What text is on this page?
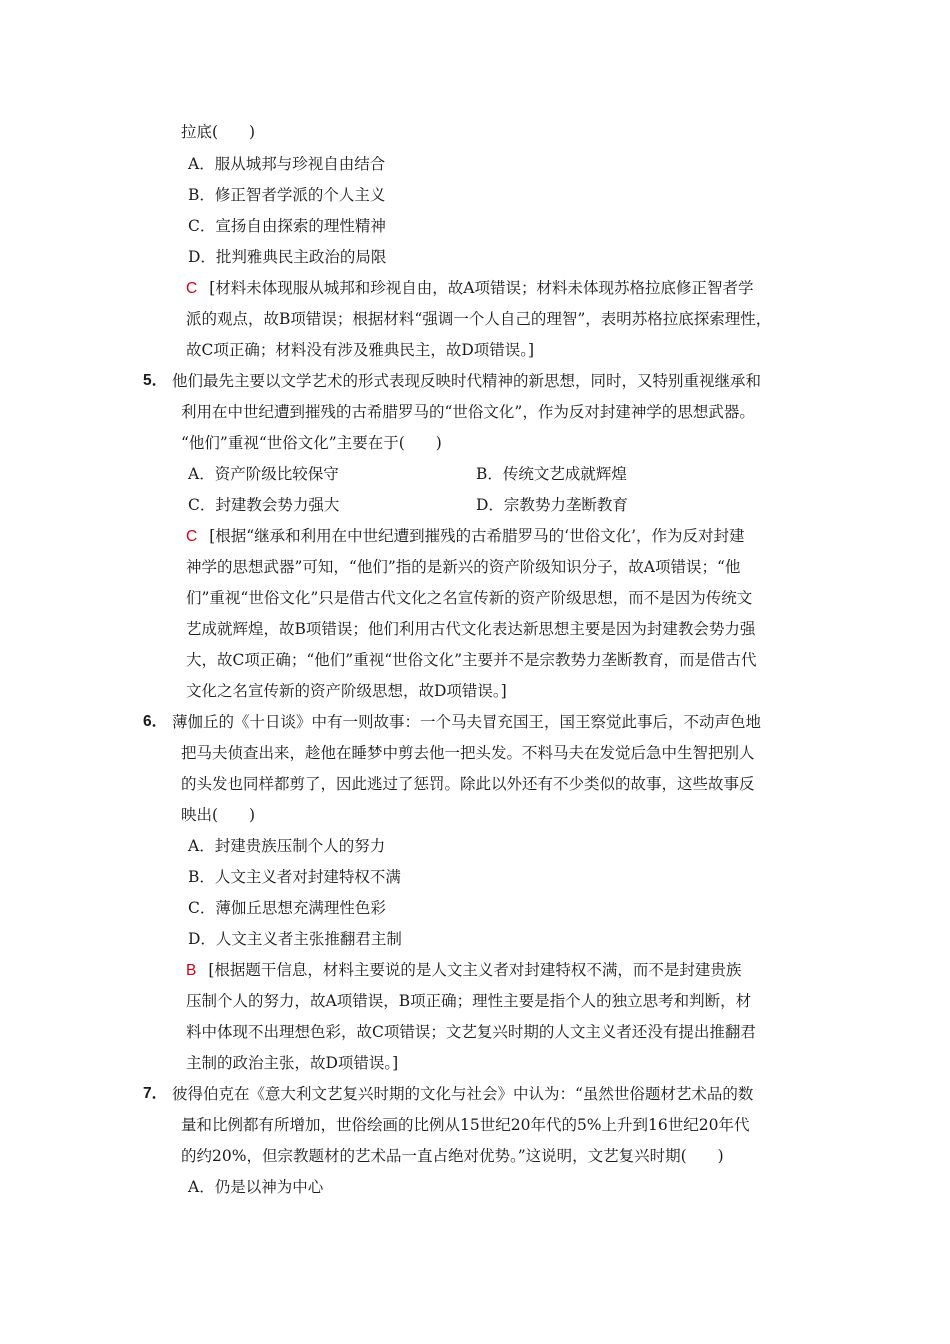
拉底(　　)
A．服从城邦与珍视自由结合
B．修正智者学派的个人主义
C．宣扬自由探索的理性精神
D．批判雅典民主政治的局限
C [材料未体现服从城邦和珍视自由，故A项错误；材料未体现苏格拉底修正智者学
派的观点，故B项错误；根据材料“强调一个人自己的理智”，表明苏格拉底探索理性，
故C项正确；材料没有涉及雅典民主，故D项错误。]
5． 他们最先主要以文学艺术的形式表现反映时代精神的新思想，同时，又特别重视继承和
利用在中世纪遭到摧残的古希腊罗马的“世俗文化”，作为反对封建神学的思想武器。
“他们”重视“世俗文化”主要在于(　　)
A．资产阶级比较保守	B．传统文艺成就辉煌
C．封建教会势力强大	D．宗教势力垄断教育
C [根据“继承和利用在中世纪遭到摧残的古希腊罗马的‘世俗文化’，作为反对封建
神学的思想武器”可知，“他们”指的是新兴的资产阶级知识分子，故A项错误；“他
们”重视“世俗文化”只是借古代文化之名宣传新的资产阶级思想，而不是因为传统文
艺成就辉煌，故B项错误；他们利用古代文化表达新思想主要是因为封建教会势力强
大，故C项正确；“他们”重视“世俗文化”主要并不是宗教势力垄断教育，而是借古代
文化之名宣传新的资产阶级思想，故D项错误。]
6． 薄伽丘的《十日谈》中有一则故事：一个马夫冒充国王，国王察觉此事后，不动声色地
把马夫侦查出来，趁他在睡梦中剪去他一把头发。不料马夫在发觉后急中生智把别人
的头发也同样都剪了，因此逃过了惩罚。除此以外还有不少类似的故事，这些故事反
映出(　　)
A．封建贵族压制个人的努力
B．人文主义者对封建特权不满
C．薄伽丘思想充满理性色彩
D．人文主义者主张推翻君主制
B [根据题干信息，材料主要说的是人文主义者对封建特权不满，而不是封建贵族
压制个人的努力，故A项错误，B项正确；理性主要是指个人的独立思考和判断，材
料中体现不出理想色彩，故C项错误；文艺复兴时期的人文主义者还没有提出推翻君
主制的政治主张，故D项错误。]
7． 彼得伯克在《意大利文艺复兴时期的文化与社会》中认为：“虽然世俗题材艺术品的数
量和比例都有所增加，世俗绘画的比例从15世纪20年代的5%上升到16世纪20年代
的约20%，但宗教题材的艺术品一直占绝对优势。”这说明，文艺复兴时期(　　)
A．仍是以神为中心
